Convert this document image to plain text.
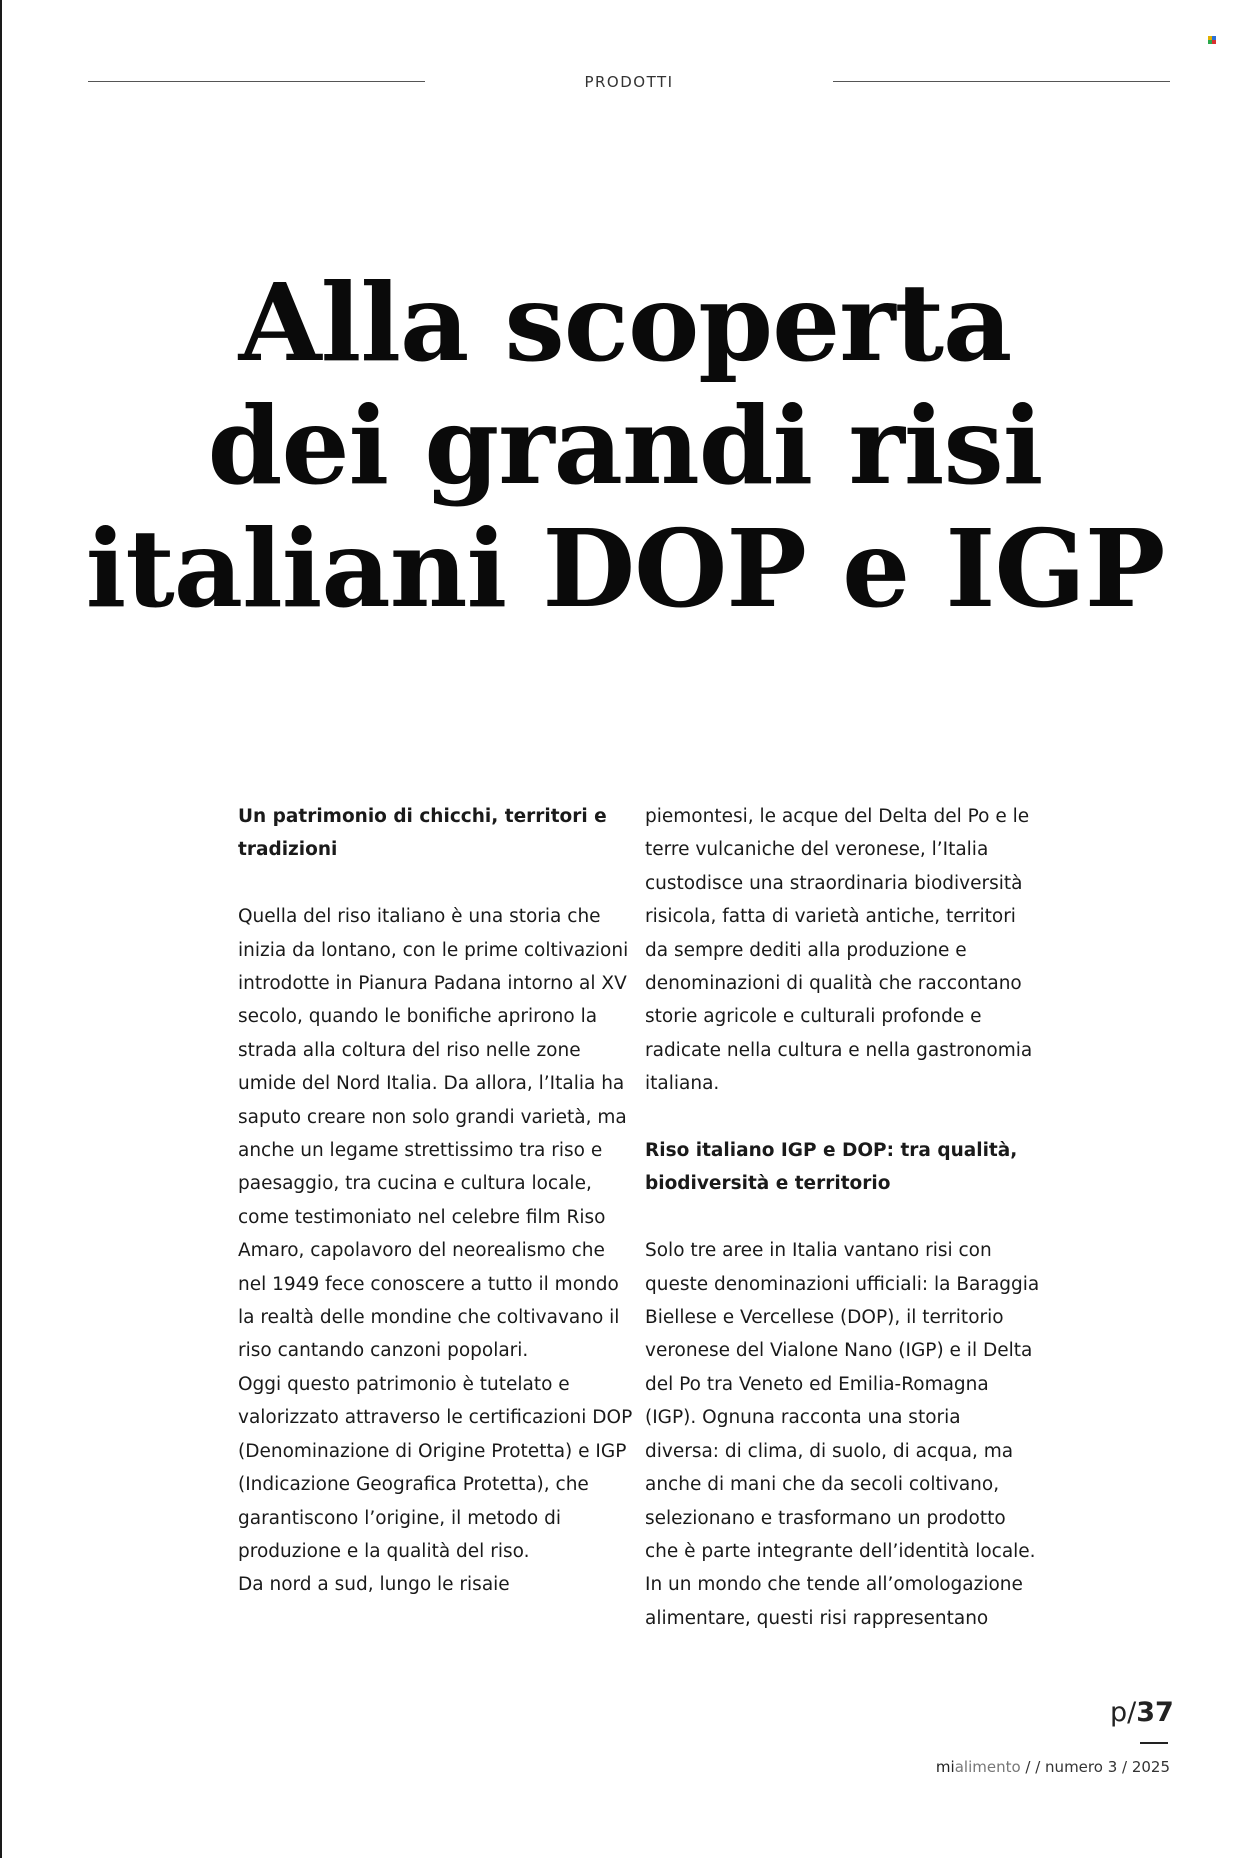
PRODOTTI
Alla scoperta
dei grandi risi
italiani DOP e IGP

Un patrimonio di chicchi, territori e tradizioni

Quella del riso italiano è una storia che inizia da lontano, con le prime coltivazioni introdotte in Pianura Padana intorno al XV secolo, quando le bonifiche aprirono la strada alla coltura del riso nelle zone umide del Nord Italia. Da allora, l’Italia ha saputo creare non solo grandi varietà, ma anche un legame strettissimo tra riso e paesaggio, tra cucina e cultura locale, come testimoniato nel celebre film Riso Amaro, capolavoro del neorealismo che nel 1949 fece conoscere a tutto il mondo la realtà delle mondine che coltivavano il riso cantando canzoni popolari.

Oggi questo patrimonio è tutelato e valorizzato attraverso le certificazioni DOP (Denominazione di Origine Protetta) e IGP (Indicazione Geografica Protetta), che garantiscono l’origine, il metodo di produzione e la qualità del riso.

Da nord a sud, lungo le risaie

piemontesi, le acque del Delta del Po e le terre vulcaniche del veronese, l’Italia custodisce una straordinaria biodiversità risicola, fatta di varietà antiche, territori da sempre dediti alla produzione e denominazioni di qualità che raccontano storie agricole e culturali profonde e radicate nella cultura e nella gastronomia italiana.

Riso italiano IGP e DOP: tra qualità, biodiversità e territorio

Solo tre aree in Italia vantano risi con queste denominazioni ufficiali: la Baraggia Biellese e Vercellese (DOP), il territorio veronese del Vialone Nano (IGP) e il Delta del Po tra Veneto ed Emilia-Romagna (IGP). Ognuna racconta una storia diversa: di clima, di suolo, di acqua, ma anche di mani che da secoli coltivano, selezionano e trasformano un prodotto che è parte integrante dell’identità locale.

In un mondo che tende all’omologazione alimentare, questi risi rappresentano

p/37
mialimento / / numero 3 / 2025
